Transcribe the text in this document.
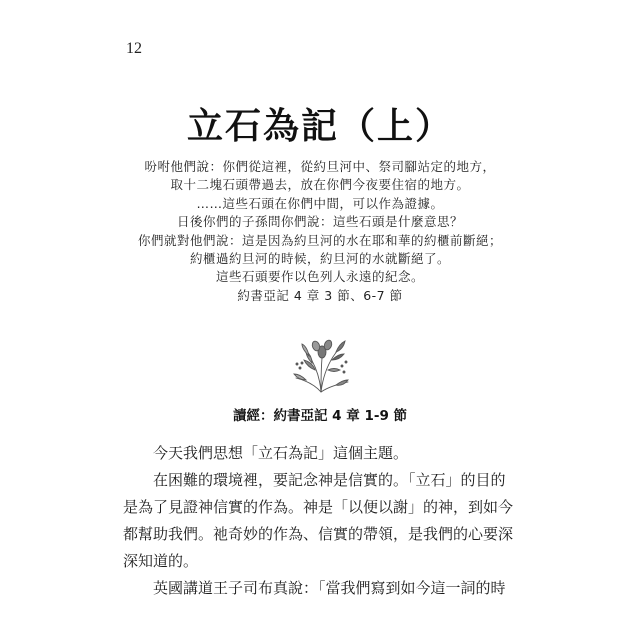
12
立石為記（上）
吩咐他們說：你們從這裡，從約旦河中、祭司腳站定的地方，
取十二塊石頭帶過去，放在你們今夜要住宿的地方。
……這些石頭在你們中間，可以作為證據。
日後你們的子孫問你們說：這些石頭是什麼意思？
你們就對他們說：這是因為約旦河的水在耶和華的約櫃前斷絕；
約櫃過約旦河的時候，約旦河的水就斷絕了。
這些石頭要作以色列人永遠的紀念。
約書亞記 4 章 3 節、6-7 節
讀經：約書亞記 4 章 1-9 節

今天我們思想「立石為記」這個主題。

在困難的環境裡，要記念神是信實的。「立石」的目的

是為了見證神信實的作為。神是「以便以謝」的神，到如今

都幫助我們。祂奇妙的作為、信實的帶領，是我們的心要深

深知道的。

英國講道王子司布真說：「當我們寫到如今這一詞的時
